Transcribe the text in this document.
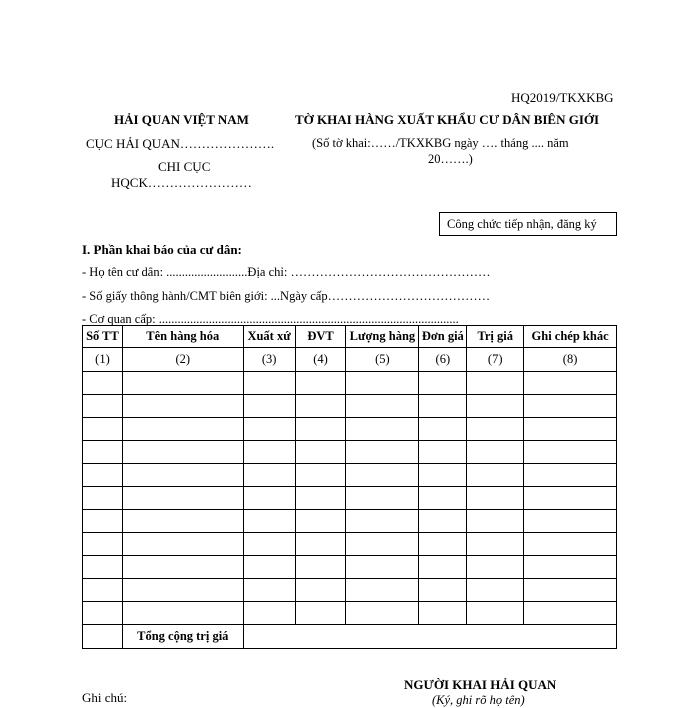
HQ2019/TKXKBG
HẢI QUAN VIỆT NAM
CỤC HẢI QUAN………………….
CHI CỤC
HQCK……………………
TỜ KHAI HÀNG XUẤT KHẨU CƯ DÂN BIÊN GIỚI
(Số tờ khai:……/TKXKBG ngày …. tháng .... năm
20…….)
Công chức tiếp nhận, đăng ký
I. Phần khai báo của cư dân:
- Họ tên cư dân: ..........................Địa chỉ: …………………………………………
- Số giấy thông hành/CMT biên giới: ...Ngày cấp…………………………………
- Cơ quan cấp: ................................................................................................
Số TT	Tên hàng hóa	Xuất xứ	ĐVT	Lượng hàng	Đơn giá	Trị giá	Ghi chép khác
(1)	(2)	(3)	(4)	(5)	(6)	(7)	(8)

	Tổng cộng trị giá						
NGƯỜI KHAI HẢI QUAN
(Ký, ghi rõ họ tên)
Ghi chú:
